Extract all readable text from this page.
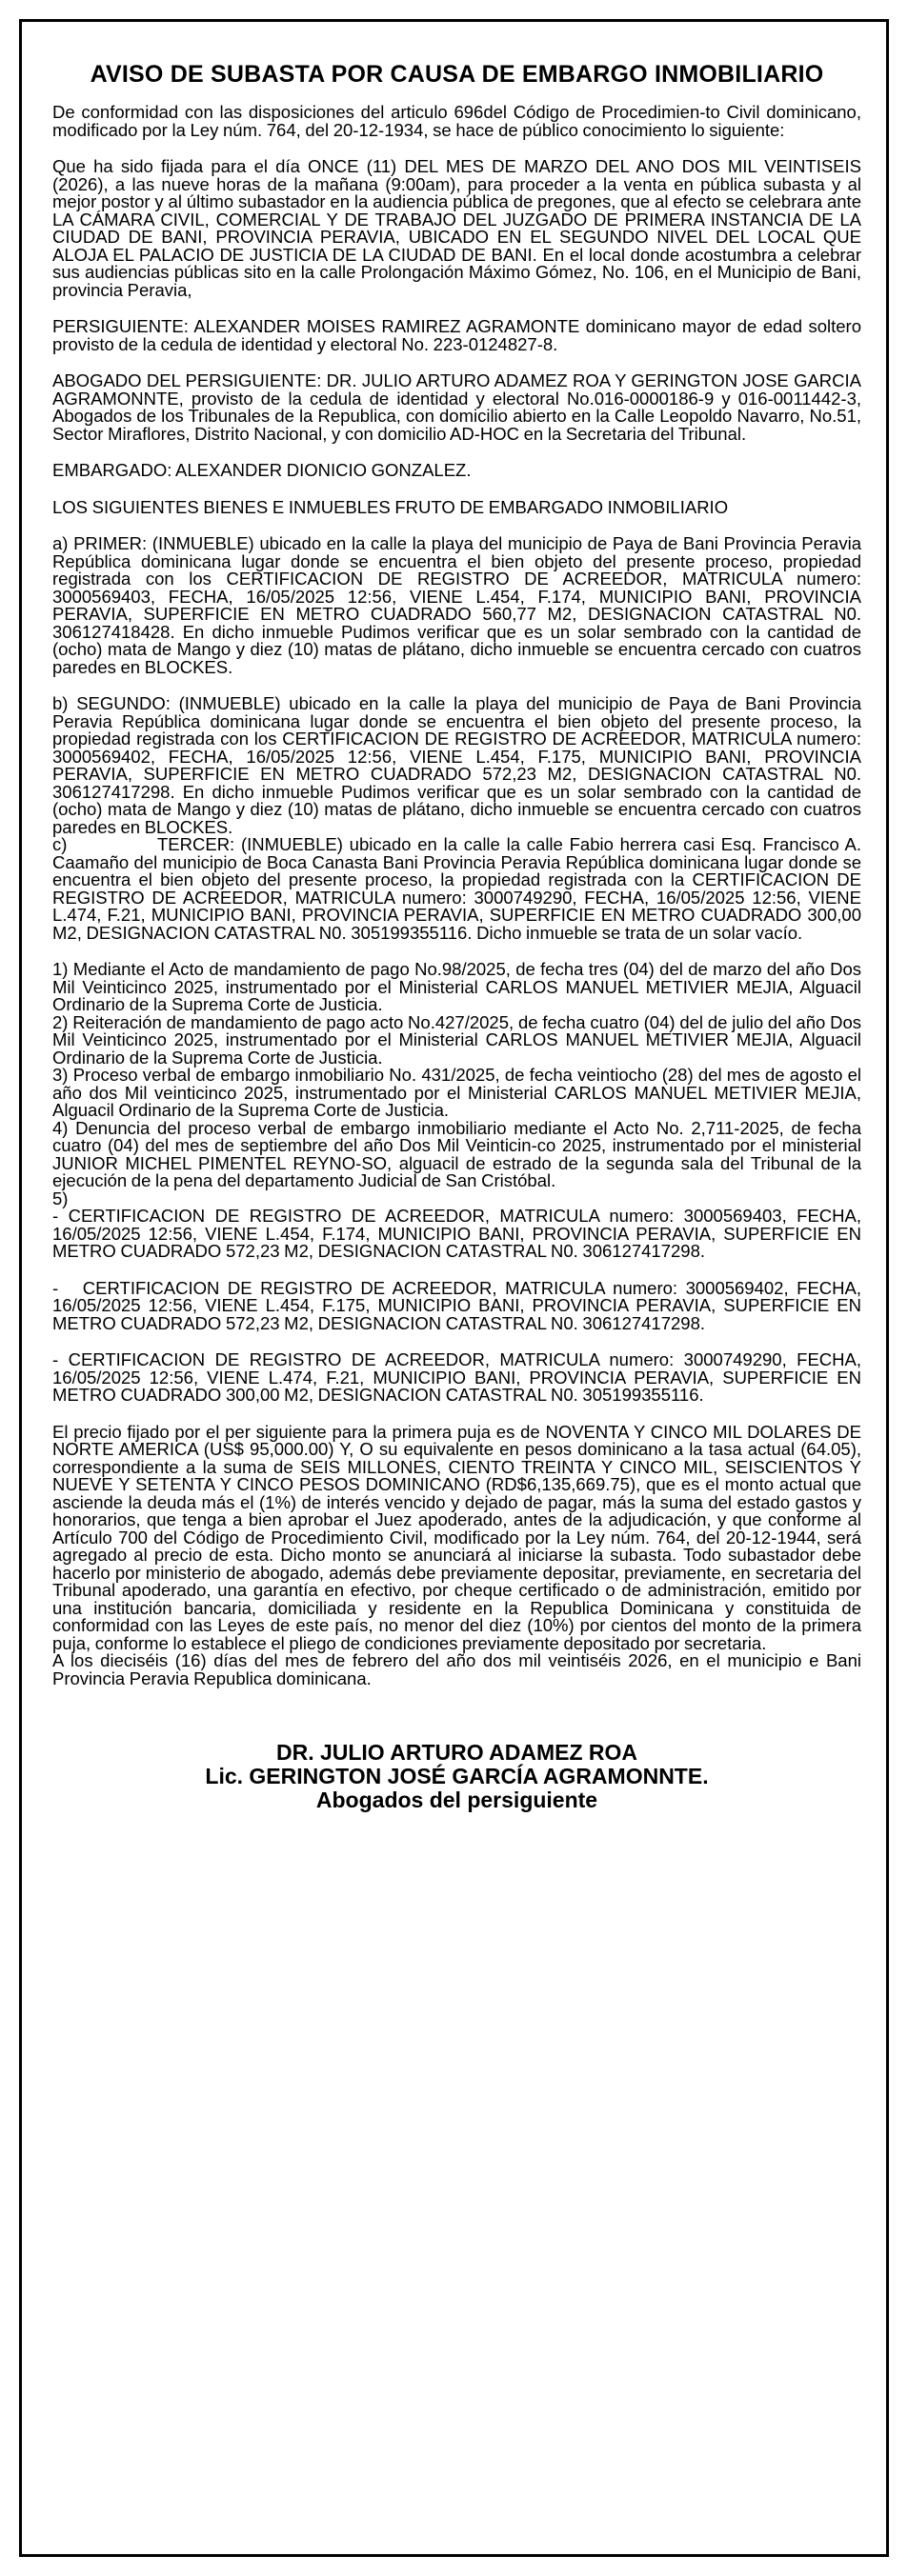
AVISO DE SUBASTA POR CAUSA DE EMBARGO INMOBILIARIO

De conformidad con las disposiciones del articulo 696del Código de Procedimien-to Civil dominicano, modificado por la Ley núm. 764, del 20-12-1934, se hace de público conocimiento lo siguiente:

Que ha sido fijada para el día ONCE (11) DEL MES DE MARZO DEL ANO DOS MIL VEINTISEIS (2026), a las nueve horas de la mañana (9:00am), para proceder a la venta en pública subasta y al mejor postor y al último subastador en la audiencia pública de pregones, que al efecto se celebrara ante LA CÁMARA CIVIL, COMERCIAL Y DE TRABAJO DEL JUZGADO DE PRIMERA INSTANCIA DE LA CIUDAD DE BANI, PROVINCIA PERAVIA, UBICADO EN EL SEGUNDO NIVEL DEL LOCAL QUE ALOJA EL PALACIO DE JUSTICIA DE LA CIUDAD DE BANI. En el local donde acostumbra a celebrar sus audiencias públicas sito en la calle Prolongación Máximo Gómez, No. 106, en el Municipio de Bani, provincia Peravia,

PERSIGUIENTE: ALEXANDER MOISES RAMIREZ AGRAMONTE dominicano mayor de edad soltero provisto de la cedula de identidad y electoral No. 223-0124827-8.

ABOGADO DEL PERSIGUIENTE: DR. JULIO ARTURO ADAMEZ ROA Y GERINGTON JOSE GARCIA AGRAMONNTE, provisto de la cedula de identidad y electoral No.016-0000186-9 y 016-0011442-3, Abogados de los Tribunales de la Republica, con domicilio abierto en la Calle Leopoldo Navarro, No.51, Sector Miraflores, Distrito Nacional, y con domicilio AD-HOC en la Secretaria del Tribunal.

EMBARGADO: ALEXANDER DIONICIO GONZALEZ.

LOS SIGUIENTES BIENES E INMUEBLES FRUTO DE EMBARGADO INMOBILIARIO

a) PRIMER: (INMUEBLE) ubicado en la calle la playa del municipio de Paya de Bani Provincia Peravia República dominicana lugar donde se encuentra el bien objeto del presente proceso, propiedad registrada con los CERTIFICACION DE REGISTRO DE ACREEDOR, MATRICULA numero: 3000569403, FECHA, 16/05/2025 12:56, VIENE L.454, F.174, MUNICIPIO BANI, PROVINCIA PERAVIA, SUPERFICIE EN METRO CUADRADO 560,77 M2, DESIGNACION CATASTRAL N0. 306127418428. En dicho inmueble Pudimos verificar que es un solar sembrado con la cantidad de (ocho) mata de Mango y diez (10) matas de plátano, dicho inmueble se encuentra cercado con cuatros paredes en BLOCKES.

b) SEGUNDO: (INMUEBLE) ubicado en la calle la playa del municipio de Paya de Bani Provincia Peravia República dominicana lugar donde se encuentra el bien objeto del presente proceso, la propiedad registrada con los CERTIFICACION DE REGISTRO DE ACREEDOR, MATRICULA numero: 3000569402, FECHA, 16/05/2025 12:56, VIENE L.454, F.175, MUNICIPIO BANI, PROVINCIA PERAVIA, SUPERFICIE EN METRO CUADRADO 572,23 M2, DESIGNACION CATASTRAL N0. 306127417298. En dicho inmueble Pudimos verificar que es un solar sembrado con la cantidad de (ocho) mata de Mango y diez (10) matas de plátano, dicho inmueble se encuentra cercado con cuatros paredes en BLOCKES.

c)              TERCER: (INMUEBLE) ubicado en la calle la calle Fabio herrera casi Esq. Francisco A. Caamaño del municipio de Boca Canasta Bani Provincia Peravia República dominicana lugar donde se encuentra el bien objeto del presente proceso, la propiedad registrada con la CERTIFICACION DE REGISTRO DE ACREEDOR, MATRICULA numero: 3000749290, FECHA, 16/05/2025 12:56, VIENE L.474, F.21, MUNICIPIO BANI, PROVINCIA PERAVIA, SUPERFICIE EN METRO CUADRADO 300,00 M2, DESIGNACION CATASTRAL N0. 305199355116. Dicho inmueble se trata de un solar vacío.

1) Mediante el Acto de mandamiento de pago No.98/2025, de fecha tres (04) del de marzo del año Dos Mil Veinticinco 2025, instrumentado por el Ministerial CARLOS MANUEL METIVIER MEJIA, Alguacil Ordinario de la Suprema Corte de Justicia.

2) Reiteración de mandamiento de pago acto No.427/2025, de fecha cuatro (04) del de julio del año Dos Mil Veinticinco 2025, instrumentado por el Ministerial CARLOS MANUEL METIVIER MEJIA, Alguacil Ordinario de la Suprema Corte de Justicia.

3) Proceso verbal de embargo inmobiliario No. 431/2025, de fecha veintiocho (28) del mes de agosto el año dos Mil veinticinco 2025, instrumentado por el Ministerial CARLOS MANUEL METIVIER MEJIA, Alguacil Ordinario de la Suprema Corte de Justicia.

4) Denuncia del proceso verbal de embargo inmobiliario mediante el Acto No. 2,711-2025, de fecha cuatro (04) del mes de septiembre del año Dos Mil Veinticin-co 2025, instrumentado por el ministerial JUNIOR MICHEL PIMENTEL REYNO-SO, alguacil de estrado de la segunda sala del Tribunal de la ejecución de la pena del departamento Judicial de San Cristóbal.

5)

- CERTIFICACION DE REGISTRO DE ACREEDOR, MATRICULA numero: 3000569403, FECHA, 16/05/2025 12:56, VIENE L.454, F.174, MUNICIPIO BANI, PROVINCIA PERAVIA, SUPERFICIE EN METRO CUADRADO 572,23 M2, DESIGNACION CATASTRAL N0. 306127417298.

-   CERTIFICACION DE REGISTRO DE ACREEDOR, MATRICULA numero: 3000569402, FECHA, 16/05/2025 12:56, VIENE L.454, F.175, MUNICIPIO BANI, PROVINCIA PERAVIA, SUPERFICIE EN METRO CUADRADO 572,23 M2, DESIGNACION CATASTRAL N0. 306127417298.

- CERTIFICACION DE REGISTRO DE ACREEDOR, MATRICULA numero: 3000749290, FECHA, 16/05/2025 12:56, VIENE L.474, F.21, MUNICIPIO BANI, PROVINCIA PERAVIA, SUPERFICIE EN METRO CUADRADO 300,00 M2, DESIGNACION CATASTRAL N0. 305199355116.

El precio fijado por el per siguiente para la primera puja es de NOVENTA Y CINCO MIL DOLARES DE NORTE AMERICA (US$ 95,000.00) Y, O su equivalente en pesos dominicano a la tasa actual (64.05), correspondiente a la suma de SEIS MILLONES, CIENTO TREINTA Y CINCO MIL, SEISCIENTOS Y NUEVE Y SETENTA Y CINCO PESOS DOMINICANO (RD$6,135,669.75), que es el monto actual que asciende la deuda más el (1%) de interés vencido y dejado de pagar, más la suma del estado gastos y honorarios, que tenga a bien aprobar el Juez apoderado, antes de la adjudicación, y que conforme al Artículo 700 del Código de Procedimiento Civil, modificado por la Ley núm. 764, del 20-12-1944, será agregado al precio de esta. Dicho monto se anunciará al iniciarse la subasta. Todo subastador debe hacerlo por ministerio de abogado, además debe previamente depositar, previamente, en secretaria del Tribunal apoderado, una garantía en efectivo, por cheque certificado o de administración, emitido por una institución bancaria, domiciliada y residente en la Republica Dominicana y constituida de conformidad con las Leyes de este país, no menor del diez (10%) por cientos del monto de la primera puja, conforme lo establece el pliego de condiciones previamente depositado por secretaria.

A los dieciséis (16) días del mes de febrero del año dos mil veintiséis 2026, en el municipio e Bani Provincia Peravia Republica dominicana.

DR. JULIO ARTURO ADAMEZ ROA
Lic. GERINGTON JOSÉ GARCÍA AGRAMONNTE.
Abogados del persiguiente
